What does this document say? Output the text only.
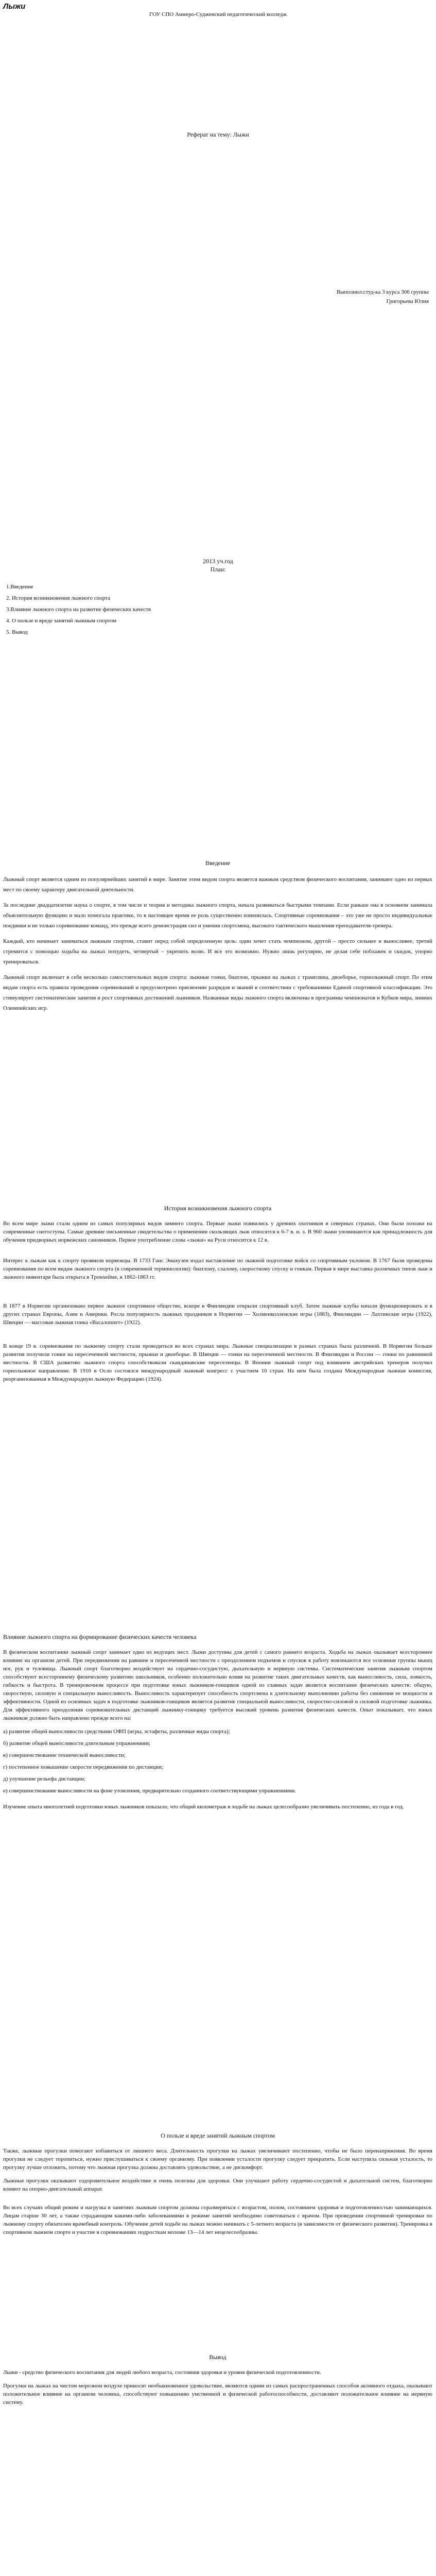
Лыжи

ГОУ СПО Анжеро-Судженский педагогический колледж

Реферат на тему: Лыжи

Выполнил:студ-ка 3 курса 306 группы
Григорьева Юлия

2013 уч.год

План:

1.Введение
2. История возникновения лыжного спорта
3.Влияние лыжного спорта на развитие физических качеств
4. О пользе и вреде занятий лыжным спортом
5. Вывод
Введение

Лыжный спорт является одним из популярнейших занятий в мире. Занятие этим видом спорта является важным средством физического воспитания, занимают одно из первых мест по своему характеру двигательной деятельности.

За последние двадцатилетие наука о спорте, в том числе и теория и методика лыжного спорта, начала развиваться быстрыми темпами. Если раньше она в основном занимала объяснительную функцию и мало помогала практике, то в настоящее время ее роль существенно изменилась. Спортивные соревнования – это уже не просто индивидуальные поединки и не только соревнование команд, это прежде всего демонстрация сил и умения спортсмена, высокого тактического мышления преподавателя-тренера.

Каждый, кто начинает заниматься лыжным спортом, ставит перед собой определенную цель: один хочет стать чемпионом, другой – просто сильнее и выносливее, третий стремится с помощью ходьбы на лыжах похудеть, четвертый – укрепить волю. И все это возможно. Нужно лишь регулярно, не делая себе поблажек и скидок, упорно тренироваться.

Лыжный спорт включает в себя несколько самостоятельных видов спорта: лыжные гонки, биатлон, прыжки на лыжах с трамплина, двоеборье, горнолыжный спорт. По этим видам спорта есть правила проведения соревнований и предусмотрено присвоение разрядов и званий в соответствии с требованиями Единой спортивной классификации. Это стимулирует систематические занятия и рост спортивных достижений лыжников. Названные виды лыжного спорта включены в программы чемпионатов и Кубков мира, зимних Олимпийских игр.

История возникновения лыжного спорта

Во всем мире лыжи стали одним из самых популярных видов зимнего спорта. Первые лыжи появились у древних охотников в северных странах. Они были похожи на современные снегоступы. Самые древние письменные свидетельства о применении скользящих лыж относятся к 6-7 в. н. э. В 960 лыжи упоминаются как принадлежность для обучения придворных норвежских сановников. Первое употребление слова «лыжи» на Руси относится к 12 в.

Интерес к лыжам как к спорту проявили норвежцы. В 1733 Ганс Эмахузен издал наставление по лыжной подготовке войск со спортивным уклоном. В 1767 были проведены соревнования по всем видам лыжного спорта (в современной терминологии): биатлону, слалому, скоростному спуску и гонкам. Первая в мире выставка различных типов лыж и лыжного инвентаря была открыта в Тронхейме, в 1862-1863 гг.

В 1877 в Норвегии организовано первое лыжное спортивное общество, вскоре в Финляндии открыли спортивный клуб. Затем лыжные клубы начали функционировать и в других странах Европы, Азии и Америки. Росла популярность лыжных праздников в Норвегии — Холменколленские игры (1883), Финляндии — Лахтинские игры (1922), Швеции — массовая лыжная гонка «Васалоппет» (1922).

В конце 19 в. соревнования по лыжному спорту стали проводиться во всех странах мира. Лыжные специализации в разных странах была различной. В Норвегии больше развития получили гонки на пересеченной местности, прыжки и двоеборье. В Швеции — гонки на пересеченной местности. В Финляндии и России — гонки по равнинной местности. В США развитию лыжного спорта способствовали скандинавские переселенцы. В Японии лыжный спорт под влиянием австрийских тренеров получил горнолыжное направление. В 1910 в Осло состоялся международный лыжный конгресс с участием 10 стран. На нем была создана Международная лыжная комиссия, реорганизованная в Международную лыжную Федерацию (1924).

Влияние лыжного спорта на формирование физических качеств человека

В физическом воспитании лыжный спорт занимает одно из ведущих мест. Лыжи доступны для детей с самого раннего возраста. Ходьба на лыжах оказывает всестороннее влияние на организм детей. При передвижении на равнине и пересеченной местности с преодолением подъемов и спусков в работу вовлекаются все основные группы мышц ног, рук и туловища. Лыжный спорт благотворно воздействует на сердечно-сосудистую, дыхательную и нервную системы. Систематические занятия лыжным спортом способствуют всестороннему физическому развитию школьников, особенно положительно влияя на развитие таких двигательных качеств, как выносливость, сила, ловкость, гибкость и быстрота. В тренировочном процессе при подготовке юных лыжников-гонщиков одной из главных задач является воспитание физических качеств: общую, скоростную, силовую и специальную выносливость. Выносливость характеризует способность спортсмена к длительному выполнению работы без снижения ее мощности и эффективности. Одной из основных задач в подготовке лыжников-гонщиков является развитие специальной выносливости, скоростно-силовой и силовой подготовке лыжника. Для эффективного преодоления соревновательных дистанций лыжнику-гонщику требуется высокий уровень развития физических качеств. Опыт показывает, что юных лыжников должно быть направлено прежде всего на:

а) развитие общей выносливости средствами ОФП (игры, эстафеты, различные виды спорта);
б) развитие общей выносливости длительным упражнениям;
в) совершенствование технической выносливости;
г) постепенное повышение скорости передвижения по дистанции;
д) улучшение рельефа дистанции;
е) совершенствование выносливости на фоне утомления, предварительно созданного соответствующими упражнениями.

Изучение опыта многолетней подготовки юных лыжников показало, что общий километраж в ходьбе на лыжах целесообразно увеличивать постепенно, из года в год.

О пользе и вреде занятий лыжным спортом

Также, лыжные прогулки помогают избавиться от лишнего веса. Длительность прогулки на лыжах увеличивают постепенно, чтобы не было перенапряжения. Во время прогулки не следует торопиться, нужно прислушиваться к своему организму. При появлении усталости прогулку следует прекратить. Если наступила сильная усталость, то прогулку лучше отложить, потому что лыжная прогулка должна доставлять удовольствие, а не дискомфорт.

Лыжные прогулки оказывают оздоровительное воздействие и очень полезны для здоровья. Они улучшают работу сердечно-сосудистой и дыхательной систем, благотворно влияют на опорно-двигательный аппарат.

Во всех случаях общий режим и нагрузка в занятиях лыжным спортом должны соразмеряться с возрастом, полом, состоянием здоровья и подготовленностью занимающихся. Лицам старше 30 лет, а также страдающим какими-либо заболеваниями в режиме занятий необходимо советоваться с врачом. При проведении спортивной тренировки по лыжному спорту обязателен врачебный контроль. Обучение детей ходьбе на лыжах можно начинать с 5-летнего возраста (в зависимости от физического развития). Тренировка в спортивном лыжном спорте и участие в соревнованиях подросткам моложе 13—14 лет нецелесообразны.

Вывод

Лыжи - средство физического воспитания для людей любого возраста, состояния здоровья и уровня физической подготовленности.

Прогулки на лыжах на чистом морозном воздухе приносят необыкновенное удовольствие, являются одним из самых распространенных способов активного отдыха, оказывают положительное влияние на организм человека, способствуют повышению умственной и физической работоспособности, доставляют положительное влияние на нервную систему.
